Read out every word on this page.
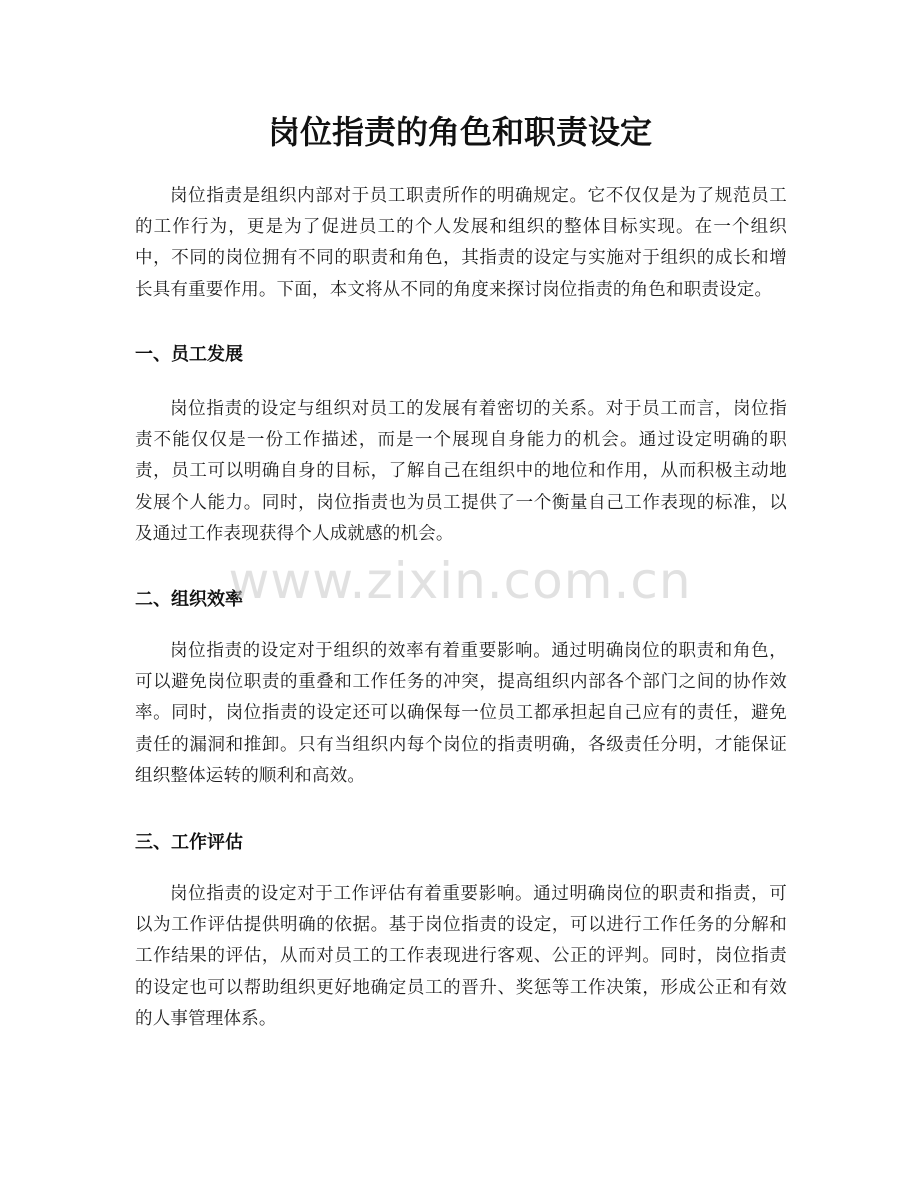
岗位指责的角色和职责设定

岗位指责是组织内部对于员工职责所作的明确规定。它不仅仅是为了规范员工的工作行为，更是为了促进员工的个人发展和组织的整体目标实现。在一个组织中，不同的岗位拥有不同的职责和角色，其指责的设定与实施对于组织的成长和增长具有重要作用。下面，本文将从不同的角度来探讨岗位指责的角色和职责设定。

一、员工发展

岗位指责的设定与组织对员工的发展有着密切的关系。对于员工而言，岗位指责不能仅仅是一份工作描述，而是一个展现自身能力的机会。通过设定明确的职责，员工可以明确自身的目标，了解自己在组织中的地位和作用，从而积极主动地发展个人能力。同时，岗位指责也为员工提供了一个衡量自己工作表现的标准，以及通过工作表现获得个人成就感的机会。

二、组织效率

岗位指责的设定对于组织的效率有着重要影响。通过明确岗位的职责和角色，可以避免岗位职责的重叠和工作任务的冲突，提高组织内部各个部门之间的协作效率。同时，岗位指责的设定还可以确保每一位员工都承担起自己应有的责任，避免责任的漏洞和推卸。只有当组织内每个岗位的指责明确，各级责任分明，才能保证组织整体运转的顺利和高效。

三、工作评估

岗位指责的设定对于工作评估有着重要影响。通过明确岗位的职责和指责，可以为工作评估提供明确的依据。基于岗位指责的设定，可以进行工作任务的分解和工作结果的评估，从而对员工的工作表现进行客观、公正的评判。同时，岗位指责的设定也可以帮助组织更好地确定员工的晋升、奖惩等工作决策，形成公正和有效的人事管理体系。

www.zixin.com.cn
